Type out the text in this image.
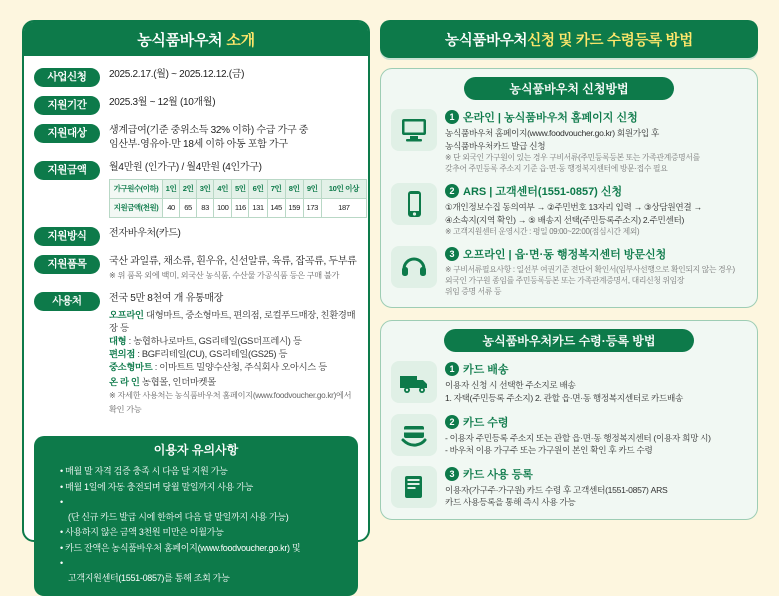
농식품바우처 소개
사업신청	2025.2.17.(월) ~ 2025.12.12.(금)
지원기간	2025.3월 ~ 12월 (10개월)
지원대상	생계급여(기준 중위소득 32% 이하) 수급 가구 중
임산부·영유아·만 18세 이하 아동 포함 가구
지원금액	월4만원 (인가구) / 월4만원 (4인가구)
가구원수(이하)	1인	2인	3인	4인	5인	6인	7인	8인	9인	10인 이상
지원금액(천원)	40	65	83	100	116	131	145	159	173	187
지원방식	전자바우처(카드)
지원품목	국산 과일류, 채소류, 흰우유, 신선알류, 육류, 잡곡류, 두부류
※ 위 품목 외에 백미, 외국산 농식품, 수산물 가공식품 등은 구매 불가
사용처	전국 5만 8천여 개 유통매장
오프라인 대형마트, 중소형마트, 편의점, 로컬푸드매장, 친환경매장 등
대형 : 농협하나로마트, GS리테일(GS더프레시) 등
편의점 : BGF리테일(CU), GS리테일(GS25) 등
중소형마트 : 이마트트 밀양수산청, 주식회사 오아시스 등
온 라 인 농협몰, 인더마켓몰
※ 자세한 사용처는 농식품바우처 홈페이지(www.foodvoucher.go.kr)에서 확인 가능
이용자 유의사항
• 매월 말 자격 검증 충족 시 다음 달 지원 가능
• 매월 1일에 자동 충전되며 당월 말일까지 사용 가능
• (단 신규 카드 발급 시에 한하여 다음 달 말일까지 사용 가능)
• 사용하지 않은 금액 3천원 미만은 이월가능
• 카드 잔액은 농식품바우처 홈페이지(www.foodvoucher.go.kr) 및
• 고객지원센터(1551-0857)를 통해 조회 가능
농식품바우처 신청 및 카드 수령등록 방법
농식품바우처 신청방법
1 온라인 | 농식품바우처 홈페이지 신청
농식품바우처 홈페이지(www.foodvoucher.go.kr) 회원가입 후
농식품바우처카드 발급 신청
※ 단 외국인 가구원이 있는 경우 구비서류(주민등록등본 또는 가족관계증명서를
갖추어 주민등록 주소지 기준 읍·면·동 행정복지센터에 방문·접수 필요
2 ARS | 고객센터(1551-0857) 신청
①개인정보수집 동의여부 → ②주민번호 13자리 입력 → ③상담원연결 →
④소속지(지역 확인) → ⑤ 배송지 선택(주민등록주소지) 2.주민센터)
※ 고객지원센터 운영시간 : 평일 09:00~22:00(점심시간 제외)
3 오프라인 | 읍·면·동 행정복지센터 방문신청
※ 구비서류필요사항 : 일선부 여권기준 전단어 확인서(임부사선행으로 확인되지 않는 경우)
외국인 가구원 종임를 주민등록등본 또는 가족관계증명서, 대리신청 위임장
위임 증명 서류 등
농식품바우처카드 수령·등록 방법
1 카드 배송
이용자 신청 시 선택한 주소지로 배송
1. 자택(주민등록 주소지) 2. 관할 읍·면·동 행정복지센터로 카드배송
2 카드 수령
- 이용자 주민등록 주소지 또는 관할 읍·면·동 행정복지센터 (이용자 희망 시)
- 바우처 이용 가구주 또는 가구원이 본인 확인 후 카드 수령
3 카드 사용 등록
이용자(가구주·가구원) 카드 수령 후 고객센터(1551-0857) ARS
카드 사용등록을 통해 즉시 사용 가능
